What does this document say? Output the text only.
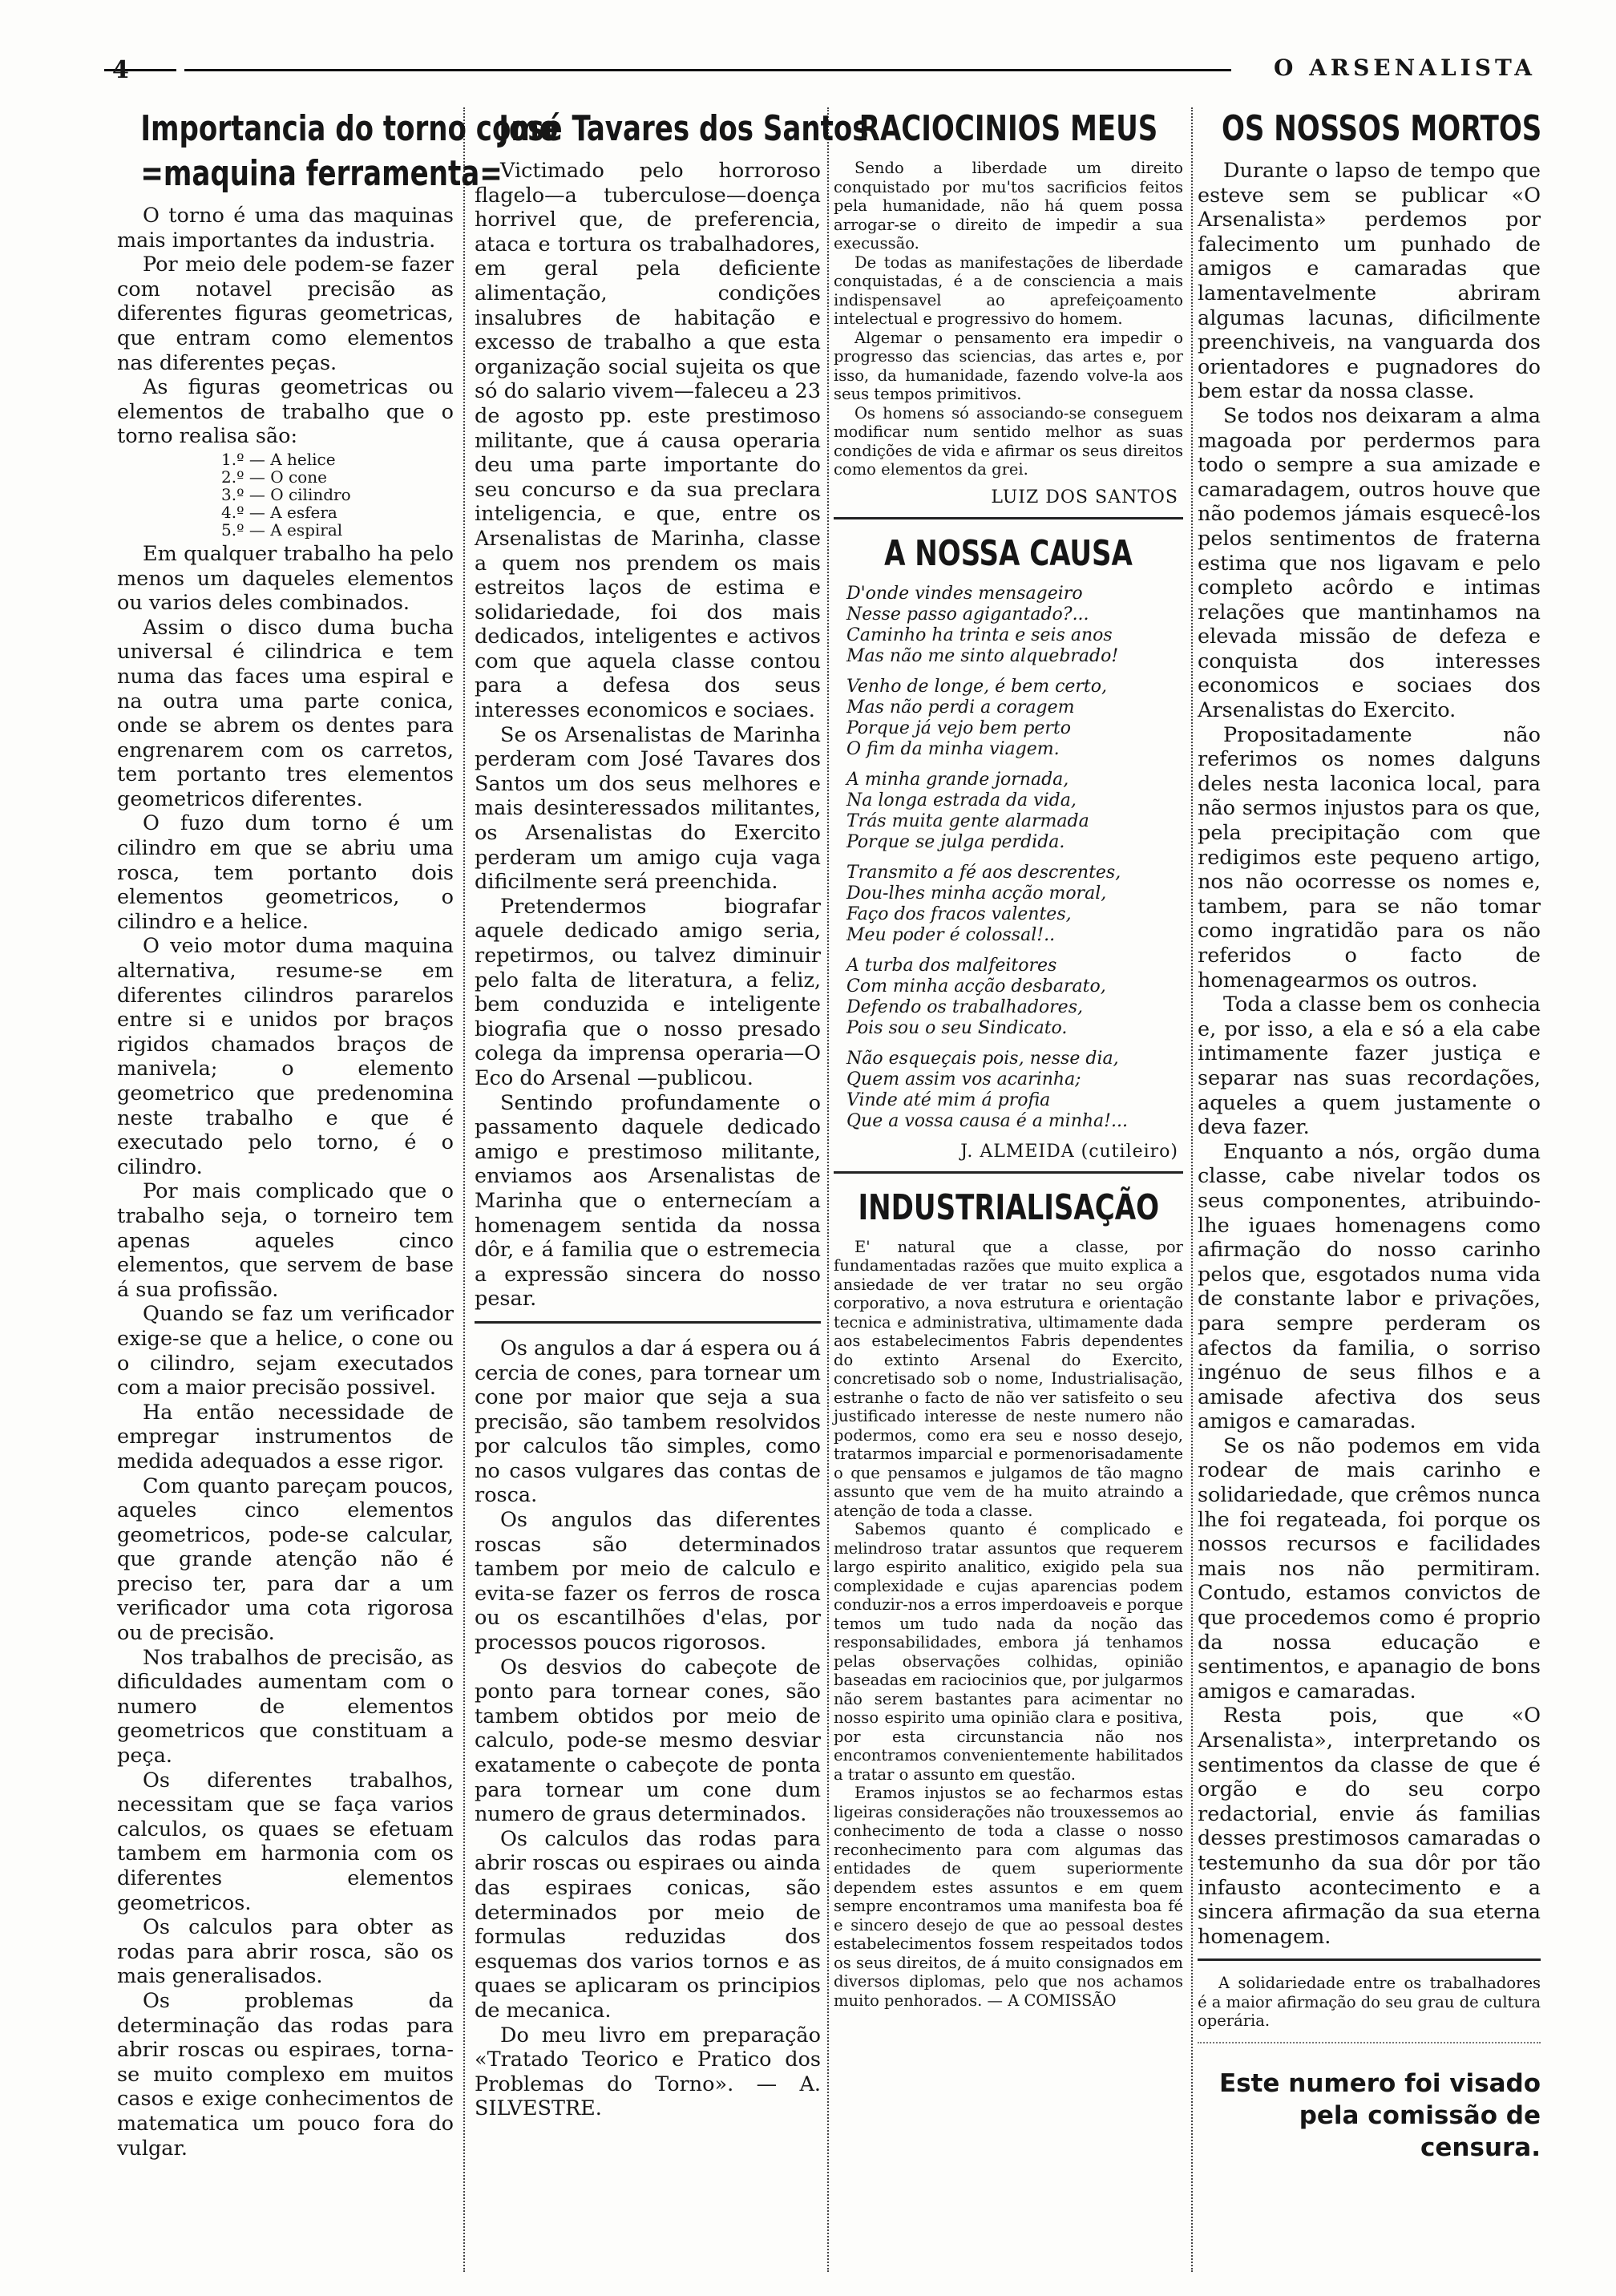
4	O ARSENALISTA
Importancia do torno como
=maquina ferramenta=

O torno é uma das maquinas mais importantes da industria.

Por meio dele podem-se fazer com notavel precisão as diferentes figuras geometricas, que entram como elementos nas diferentes peças.

As figuras geometricas ou elementos de trabalho que o torno realisa são:

1.º — A helice
2.º — O cone
3.º — O cilindro
4.º — A esfera
5.º — A espiral

Em qualquer trabalho ha pelo menos um daqueles elementos ou varios deles combinados.

Assim o disco duma bucha universal é cilindrica e tem numa das faces uma espiral e na outra uma parte conica, onde se abrem os dentes para engrenarem com os carretos, tem portanto tres elementos geometricos diferentes.

O fuzo dum torno é um cilindro em que se abriu uma rosca, tem portanto dois elementos geometricos, o cilindro e a helice.

O veio motor duma maquina alternativa, resume-se em diferentes cilindros pararelos entre si e unidos por braços rigidos chamados braços de manivela; o elemento geometrico que predenomina neste trabalho e que é executado pelo torno, é o cilindro.

Por mais complicado que o trabalho seja, o torneiro tem apenas aqueles cinco elementos, que servem de base á sua profissão.

Quando se faz um verificador exige-se que a helice, o cone ou o cilindro, sejam executados com a maior precisão possivel.

Ha então necessidade de empregar instrumentos de medida adequados a esse rigor.

Com quanto pareçam poucos, aqueles cinco elementos geometricos, pode-se calcular, que grande atenção não é preciso ter, para dar a um verificador uma cota rigorosa ou de precisão.

Nos trabalhos de precisão, as dificuldades aumentam com o numero de elementos geometricos que constituam a peça.

Os diferentes trabalhos, necessitam que se faça varios calculos, os quaes se efetuam tambem em harmonia com os diferentes elementos geometricos.

Os calculos para obter as rodas para abrir rosca, são os mais generalisados.

Os problemas da determinação das rodas para abrir roscas ou espiraes, torna-se muito complexo em muitos casos e exige conhecimentos de matematica um pouco fora do vulgar.

José Tavares dos Santos

Victimado pelo horroroso flagelo—a tuberculose—doença horrivel que, de preferencia, ataca e tortura os trabalhadores, em geral pela deficiente alimentação, condições insalubres de habitação e excesso de trabalho a que esta organização social sujeita os que só do salario vivem—faleceu a 23 de agosto pp. este prestimoso militante, que á causa operaria deu uma parte importante do seu concurso e da sua preclara inteligencia, e que, entre os Arsenalistas de Marinha, classe a quem nos prendem os mais estreitos laços de estima e solidariedade, foi dos mais dedicados, inteligentes e activos com que aquela classe contou para a defesa dos seus interesses economicos e sociaes.

Se os Arsenalistas de Marinha perderam com José Tavares dos Santos um dos seus melhores e mais desinteressados militantes, os Arsenalistas do Exercito perderam um amigo cuja vaga dificilmente será preenchida.

Pretendermos biografar aquele dedicado amigo seria, repetirmos, ou talvez diminuir pelo falta de literatura, a feliz, bem conduzida e inteligente biografia que o nosso presado colega da imprensa operaria—O Eco do Arsenal —publicou.

Sentindo profundamente o passamento daquele dedicado amigo e prestimoso militante, enviamos aos Arsenalistas de Marinha que o enternecíam a homenagem sentida da nossa dôr, e á familia que o estremecia a expressão sincera do nosso pesar.

Os angulos a dar á espera ou á cercia de cones, para tornear um cone por maior que seja a sua precisão, são tambem resolvidos por calculos tão simples, como no casos vulgares das contas de rosca.

Os angulos das diferentes roscas são determinados tambem por meio de calculo e evita-se fazer os ferros de rosca ou os escantilhões d'elas, por processos poucos rigorosos.

Os desvios do cabeçote de ponto para tornear cones, são tambem obtidos por meio de calculo, pode-se mesmo desviar exatamente o cabeçote de ponta para tornear um cone dum numero de graus determinados.

Os calculos das rodas para abrir roscas ou espiraes ou ainda das espiraes conicas, são determinados por meio de formulas reduzidas dos esquemas dos varios tornos e as quaes se aplicaram os principios de mecanica.

Do meu livro em preparação «Tratado Teorico e Pratico dos Problemas do Torno». — A. SILVESTRE.

RACIOCINIOS MEUS

Sendo a liberdade um direito conquistado por mu'tos sacrificios feitos pela humanidade, não há quem possa arrogar-se o direito de impedir a sua execussão.

De todas as manifestações de liberdade conquistadas, é a de consciencia a mais indispensavel ao aprefeiçoamento intelectual e progressivo do homem.

Algemar o pensamento era impedir o progresso das sciencias, das artes e, por isso, da humanidade, fazendo volve-la aos seus tempos primitivos.

Os homens só associando-se conseguem modificar num sentido melhor as suas condições de vida e afirmar os seus direitos como elementos da grei.

LUIZ DOS SANTOS
A NOSSA CAUSA
D'onde vindes mensageiro
Nesse passo agigantado?...
Caminho ha trinta e seis anos
Mas não me sinto alquebrado!
Venho de longe, é bem certo,
Mas não perdi a coragem
Porque já vejo bem perto
O fim da minha viagem.
A minha grande jornada,
Na longa estrada da vida,
Trás muita gente alarmada
Porque se julga perdida.
Transmito a fé aos descrentes,
Dou-lhes minha acção moral,
Faço dos fracos valentes,
Meu poder é colossal!..
A turba dos malfeitores
Com minha acção desbarato,
Defendo os trabalhadores,
Pois sou o seu Sindicato.
Não esqueçais pois, nesse dia,
Quem assim vos acarinha;
Vinde até mim á profia
Que a vossa causa é a minha!...
J. ALMEIDA (cutileiro)
INDUSTRIALISAÇÃO

E' natural que a classe, por fundamentadas razões que muito explica a ansiedade de ver tratar no seu orgão corporativo, a nova estrutura e orientação tecnica e administrativa, ultimamente dada aos estabelecimentos Fabris dependentes do extinto Arsenal do Exercito, concretisado sob o nome, Industrialisação, estranhe o facto de não ver satisfeito o seu justificado interesse de neste numero não podermos, como era seu e nosso desejo, tratarmos imparcial e pormenorisadamente o que pensamos e julgamos de tão magno assunto que vem de ha muito atraindo a atenção de toda a classe.

Sabemos quanto é complicado e melindroso tratar assuntos que requerem largo espirito analitico, exigido pela sua complexidade e cujas aparencias podem conduzir-nos a erros imperdoaveis e porque temos um tudo nada da noção das responsabilidades, embora já tenhamos pelas observações colhidas, opinião baseadas em raciocinios que, por julgarmos não serem bastantes para acimentar no nosso espirito uma opinião clara e positiva, por esta circunstancia não nos encontramos convenientemente habilitados a tratar o assunto em questão.

Eramos injustos se ao fecharmos estas ligeiras considerações não trouxessemos ao conhecimento de toda a classe o nosso reconhecimento para com algumas das entidades de quem superiormente dependem estes assuntos e em quem sempre encontramos uma manifesta boa fé e sincero desejo de que ao pessoal destes estabelecimentos fossem respeitados todos os seus direitos, de á muito consignados em diversos diplomas, pelo que nos achamos muito penhorados. — A COMISSÃO

OS NOSSOS MORTOS

Durante o lapso de tempo que esteve sem se publicar «O Arsenalista» perdemos por falecimento um punhado de amigos e camaradas que lamentavelmente abriram algumas lacunas, dificilmente preenchiveis, na vanguarda dos orientadores e pugnadores do bem estar da nossa classe.

Se todos nos deixaram a alma magoada por perdermos para todo o sempre a sua amizade e camaradagem, outros houve que não podemos jámais esquecê-los pelos sentimentos de fraterna estima que nos ligavam e pelo completo acôrdo e intimas relações que mantinhamos na elevada missão de defeza e conquista dos interesses economicos e sociaes dos Arsenalistas do Exercito.

Propositadamente não referimos os nomes dalguns deles nesta laconica local, para não sermos injustos para os que, pela precipitação com que redigimos este pequeno artigo, nos não ocorresse os nomes e, tambem, para se não tomar como ingratidão para os não referidos o facto de homenagearmos os outros.

Toda a classe bem os conhecia e, por isso, a ela e só a ela cabe intimamente fazer justiça e separar nas suas recordações, aqueles a quem justamente o deva fazer.

Enquanto a nós, orgão duma classe, cabe nivelar todos os seus componentes, atribuindo-lhe iguaes homenagens como afirmação do nosso carinho pelos que, esgotados numa vida de constante labor e privações, para sempre perderam os afectos da familia, o sorriso ingénuo de seus filhos e a amisade afectiva dos seus amigos e camaradas.

Se os não podemos em vida rodear de mais carinho e solidariedade, que crêmos nunca lhe foi regateada, foi porque os nossos recursos e facilidades mais nos não permitiram. Contudo, estamos convictos de que procedemos como é proprio da nossa educação e sentimentos, e apanagio de bons amigos e camaradas.

Resta pois, que «O Arsenalista», interpretando os sentimentos da classe de que é orgão e do seu corpo redactorial, envie ás familias desses prestimosos camaradas o testemunho da sua dôr por tão infausto acontecimento e a sincera afirmação da sua eterna homenagem.

A solidariedade entre os trabalhadores é a maior afirmação do seu grau de cultura operária.

Este numero foi visado pela comissão de censura.
